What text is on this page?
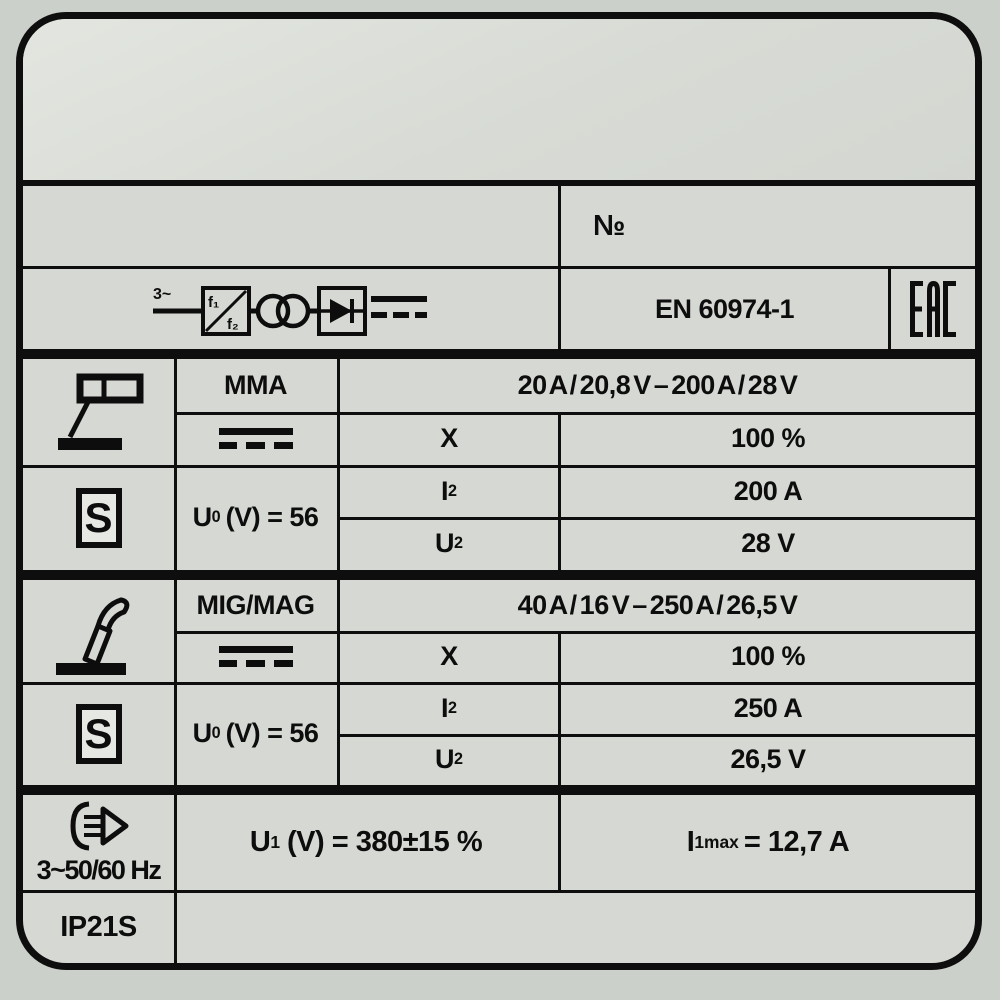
№
3~ f₁
f₂
EN 60974-1
MMA	20 A / 20,8 V – 200 A / 28 V
X	100 %
S	U 0 (V) = 56
I 2	200 A
U 2	28 V
MIG/MAG	40 A / 16 V – 250 A / 26,5 V
X	100 %
S	U 0 (V) = 56
I 2	250 A
U 2	26,5 V
3~50/60 Hz
U 1 (V) = 380±15 %	I 1max = 12,7 A
IP21S
